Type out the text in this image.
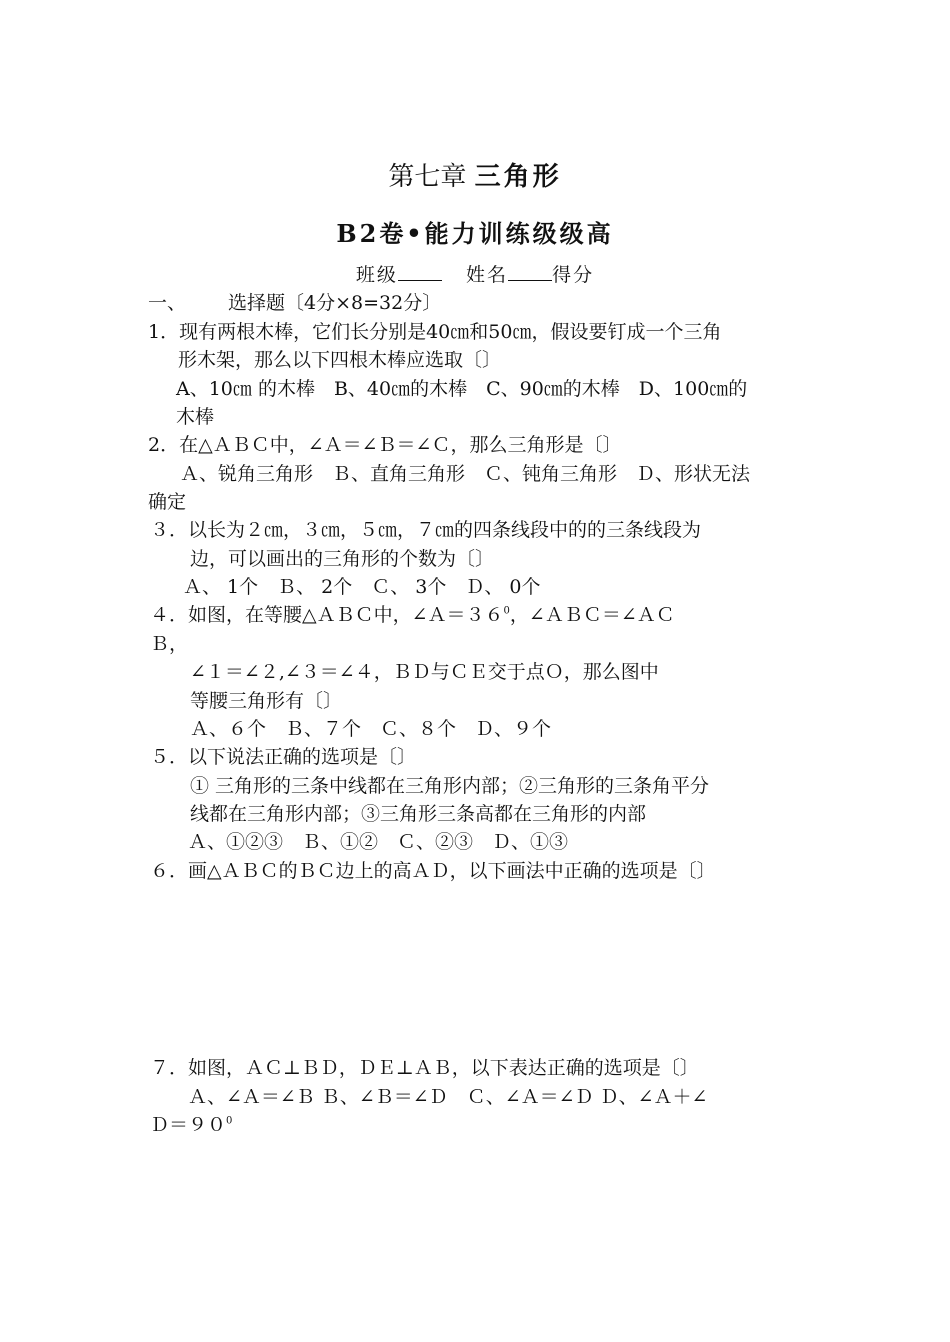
第七章 三角形
B2卷•能力训练级级高
班级	姓名 得分
一、 选择题〔4分×8=32分〕
1．现有两根木棒，它们长分别是40㎝和50㎝，假设要钉成一个三角
形木架，那么以下四根木棒应选取〔〕
A、10㎝ 的木棒　B、40㎝的木棒　C、90㎝的木棒　D、100㎝的
木棒
2．在△ＡＢＣ中，∠Ａ＝∠Ｂ＝∠Ｃ，那么三角形是〔〕
Ａ、锐角三角形　Ｂ、直角三角形　Ｃ、钝角三角形　Ｄ、形状无法
确定
３．以长为２㎝，３㎝，５㎝，７㎝的四条线段中的的三条线段为
边，可以画出的三角形的个数为〔〕
Ａ、 1个　Ｂ、 2个　Ｃ、 3个　Ｄ、 0个
４．如图，在等腰△ＡＢＣ中，$\angle A=36^0$，∠ＡＢＣ＝∠ＡＣ
Ｂ，
∠１＝∠２,∠３＝∠４，ＢＤ与ＣＥ交于点Ｏ，那么图中
等腰三角形有〔〕
Ａ、６个　Ｂ、７个　Ｃ、８个　Ｄ、９个
５．以下说法正确的选项是〔〕
① 三角形的三条中线都在三角形内部；②三角形的三条角平分
线都在三角形内部；③三角形三条高都在三角形的内部
Ａ、①②③　Ｂ、①②　Ｃ、②③　Ｄ、①③
６．画△ＡＢＣ的ＢＣ边上的高ＡＤ，以下画法中正确的选项是〔〕
７．如图，ＡＣ⊥ＢＤ，ＤＥ⊥ＡＢ，以下表达正确的选项是〔〕
Ａ、∠Ａ＝∠Ｂ Ｂ、∠Ｂ＝∠Ｄ　Ｃ、∠Ａ＝∠Ｄ Ｄ、∠Ａ＋∠
$D=90^0$
